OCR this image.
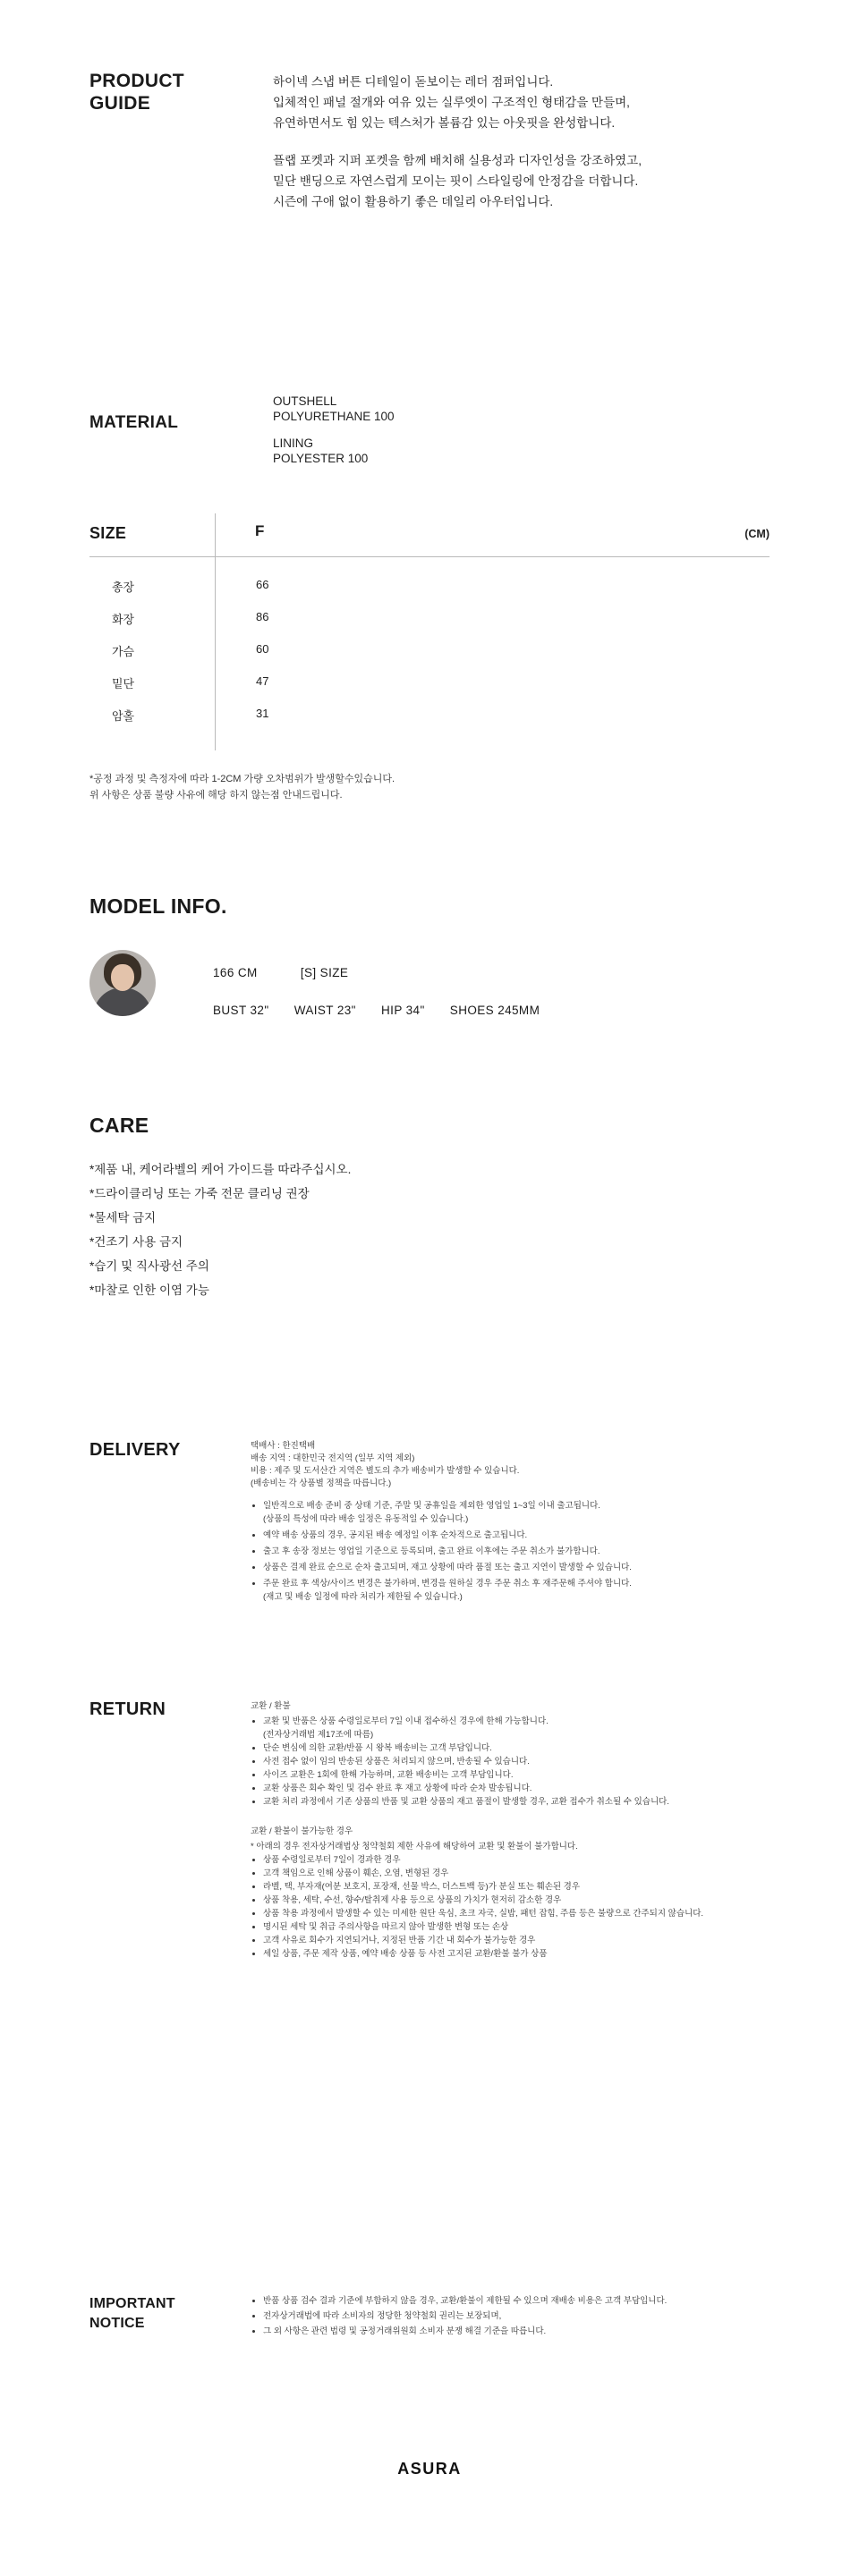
PRODUCT
GUIDE
하이넥 스냅 버튼 디테일이 돋보이는 레더 점퍼입니다.
입체적인 패널 절개와 여유 있는 실루엣이 구조적인 형태감을 만들며,
유연하면서도 힘 있는 텍스처가 볼륨감 있는 아웃핏을 완성합니다.
플랩 포켓과 지퍼 포켓을 함께 배치해 실용성과 디자인성을 강조하였고,
밑단 밴딩으로 자연스럽게 모이는 핏이 스타일링에 안정감을 더합니다.
시즌에 구애 없이 활용하기 좋은 데일리 아우터입니다.
MATERIAL
OUTSHELL
POLYURETHANE 100
LINING
POLYESTER 100
SIZE	F	(CM)
총장	66
화장	86
가슴	60
밑단	47
암홀	31
*공정 과정 및 측정자에 따라 1-2CM 가량 오차범위가 발생할수있습니다.
위 사항은 상품 불량 사유에 해당 하지 않는점 안내드립니다.
MODEL INFO.
166 CM	[S] SIZE
BUST 32" WAIST 23" HIP 34" SHOES 245MM
CARE
*제품 내, 케어라벨의 케어 가이드를 따라주십시오.
*드라이클리닝 또는 가죽 전문 클리닝 권장
*물세탁 금지
*건조기 사용 금지
*습기 및 직사광선 주의
*마찰로 인한 이염 가능
DELIVERY	택배사 : 한진택배
배송 지역 : 대한민국 전지역 (일부 지역 제외)
비용 : 제주 및 도서산간 지역은 별도의 추가 배송비가 발생할 수 있습니다.
(배송비는 각 상품별 정책을 따릅니다.)
• 일반적으로 배송 준비 중 상태 기준, 주말 및 공휴일을 제외한 영업일 1~3일 이내 출고됩니다.
(상품의 특성에 따라 배송 일정은 유동적일 수 있습니다.)
• 예약 배송 상품의 경우, 공지된 배송 예정일 이후 순차적으로 출고됩니다.
• 출고 후 송장 정보는 영업일 기준으로 등록되며, 출고 완료 이후에는 주문 취소가 불가합니다.
• 상품은 결제 완료 순으로 순차 출고되며, 재고 상황에 따라 품절 또는 출고 지연이 발생할 수 있습니다.
• 주문 완료 후 색상/사이즈 변경은 불가하며, 변경을 원하실 경우 주문 취소 후 재주문해 주셔야 합니다.
(재고 및 배송 일정에 따라 처리가 제한될 수 있습니다.)
RETURN	교환 / 환불
• 교환 및 반품은 상품 수령일로부터 7일 이내 접수하신 경우에 한해 가능합니다.
(전자상거래법 제17조에 따름)
• 단순 변심에 의한 교환/반품 시 왕복 배송비는 고객 부담입니다.
• 사전 접수 없이 임의 반송된 상품은 처리되지 않으며, 반송될 수 있습니다.
• 사이즈 교환은 1회에 한해 가능하며, 교환 배송비는 고객 부담입니다.
• 교환 상품은 회수 확인 및 검수 완료 후 재고 상황에 따라 순차 발송됩니다.
• 교환 처리 과정에서 기존 상품의 반품 및 교환 상품의 재고 품절이 발생할 경우, 교환 접수가 취소될 수 있습니다.
교환 / 환불이 불가능한 경우
* 아래의 경우 전자상거래법상 청약철회 제한 사유에 해당하여 교환 및 환불이 불가합니다.
• 상품 수령일로부터 7일이 경과한 경우
• 고객 책임으로 인해 상품이 훼손, 오염, 변형된 경우
• 라벨, 택, 부자재(여분 보호지, 포장재, 선물 박스, 더스트백 등)가 분실 또는 훼손된 경우
• 상품 착용, 세탁, 수선, 향수/탈취제 사용 등으로 상품의 가치가 현저히 감소한 경우
• 상품 착용 과정에서 발생할 수 있는 미세한 원단 욱심, 초크 자국, 실밥, 패턴 잡힘, 주름 등은 불량으로 간주되지 않습니다.
• 명시된 세탁 및 취급 주의사항을 따르지 않아 발생한 변형 또는 손상
• 고객 사유로 회수가 지연되거나, 지정된 반품 기간 내 회수가 불가능한 경우
• 세일 상품, 주문 제작 상품, 예약 배송 상품 등 사전 고지된 교환/환불 불가 상품
IMPORTANT
NOTICE
• 반품 상품 검수 결과 기준에 부합하지 않을 경우, 교환/환불이 제한될 수 있으며 재배송 비용은 고객 부담입니다.
• 전자상거래법에 따라 소비자의 정당한 청약철회 권리는 보장되며,
• 그 외 사항은 관련 법령 및 공정거래위원회 소비자 분쟁 해결 기준을 따릅니다.
ASURA
